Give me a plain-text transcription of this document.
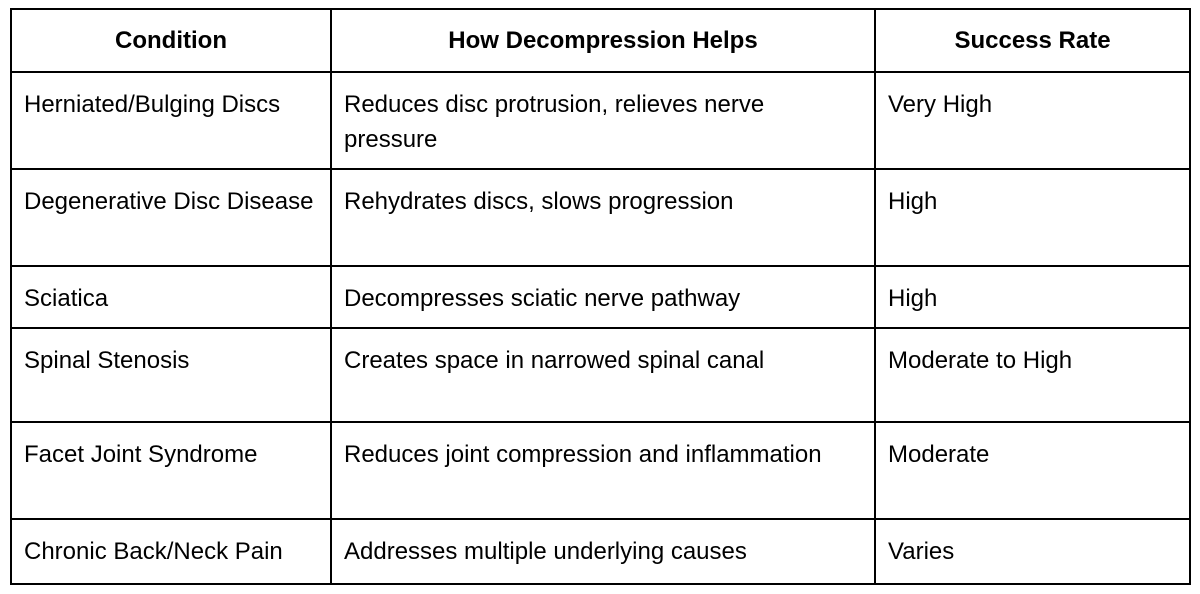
Condition	How Decompression Helps	Success Rate
Herniated/Bulging Discs	Reduces disc protrusion, relieves nerve pressure	Very High
Degenerative Disc Disease	Rehydrates discs, slows progression	High
Sciatica	Decompresses sciatic nerve pathway	High
Spinal Stenosis	Creates space in narrowed spinal canal	Moderate to High
Facet Joint Syndrome	Reduces joint compression and inflammation	Moderate
Chronic Back/Neck Pain	Addresses multiple underlying causes	Varies
